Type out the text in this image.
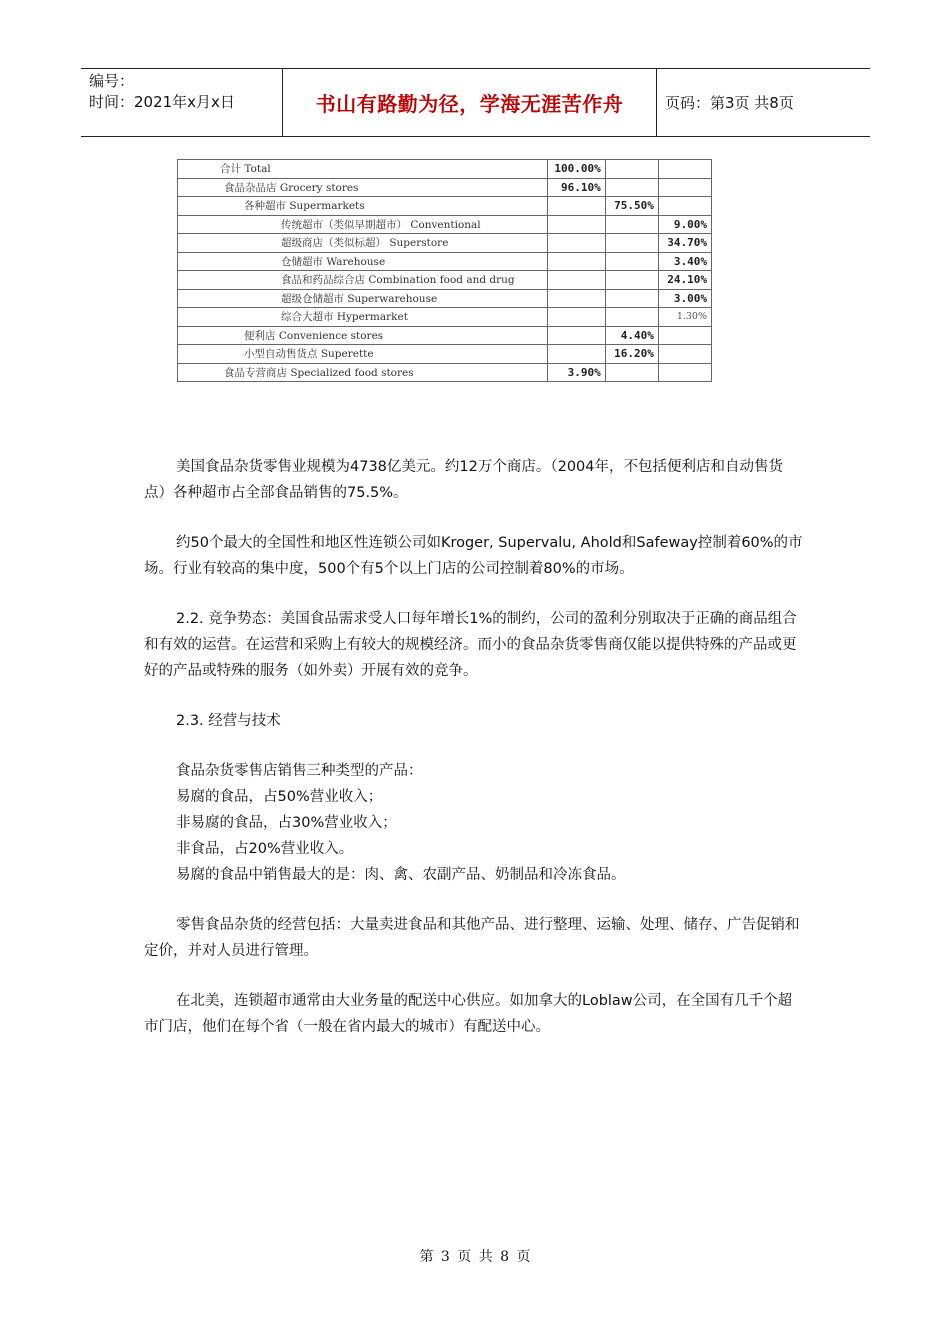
编号：
时间：2021年x月x日	书山有路勤为径，学海无涯苦作舟	页码：第3页 共8页
合计 Total	100.00%		
食品杂品店 Grocery stores	96.10%		
各种超市 Supermarkets		75.50%	
传统超市（类似早期超市） Conventional			9.00%
超级商店（类似标超） Superstore			34.70%
仓储超市 Warehouse			3.40%
食品和药品综合店 Combination food and drug			24.10%
超级仓储超市 Superwarehouse			3.00%
综合大超市 Hypermarket			1.30%
便利店 Convenience stores		4.40%	
小型自动售货点 Superette		16.20%	
食品专营商店 Specialized food stores	3.90%		

美国食品杂货零售业规模为4738亿美元。约12万个商店。（2004年，不包括便利店和自动售货点）各种超市占全部食品销售的75.5%。

约50个最大的全国性和地区性连锁公司如Kroger, Supervalu, Ahold和Safeway控制着60%的市场。行业有较高的集中度，500个有5个以上门店的公司控制着80%的市场。

2.2. 竞争势态：美国食品需求受人口每年增长1%的制约，公司的盈利分别取决于正确的商品组合和有效的运营。在运营和采购上有较大的规模经济。而小的食品杂货零售商仅能以提供特殊的产品或更好的产品或特殊的服务（如外卖）开展有效的竞争。

2.3. 经营与技术

食品杂货零售店销售三种类型的产品：
易腐的食品，占50%营业收入；
非易腐的食品，占30%营业收入；
非食品，占20%营业收入。
易腐的食品中销售最大的是：肉、禽、农副产品、奶制品和冷冻食品。

零售食品杂货的经营包括：大量卖进食品和其他产品、进行整理、运输、处理、储存、广告促销和定价，并对人员进行管理。

在北美，连锁超市通常由大业务量的配送中心供应。如加拿大的Loblaw公司，在全国有几千个超市门店，他们在每个省（一般在省内最大的城市）有配送中心。

第 3 页 共 8 页
